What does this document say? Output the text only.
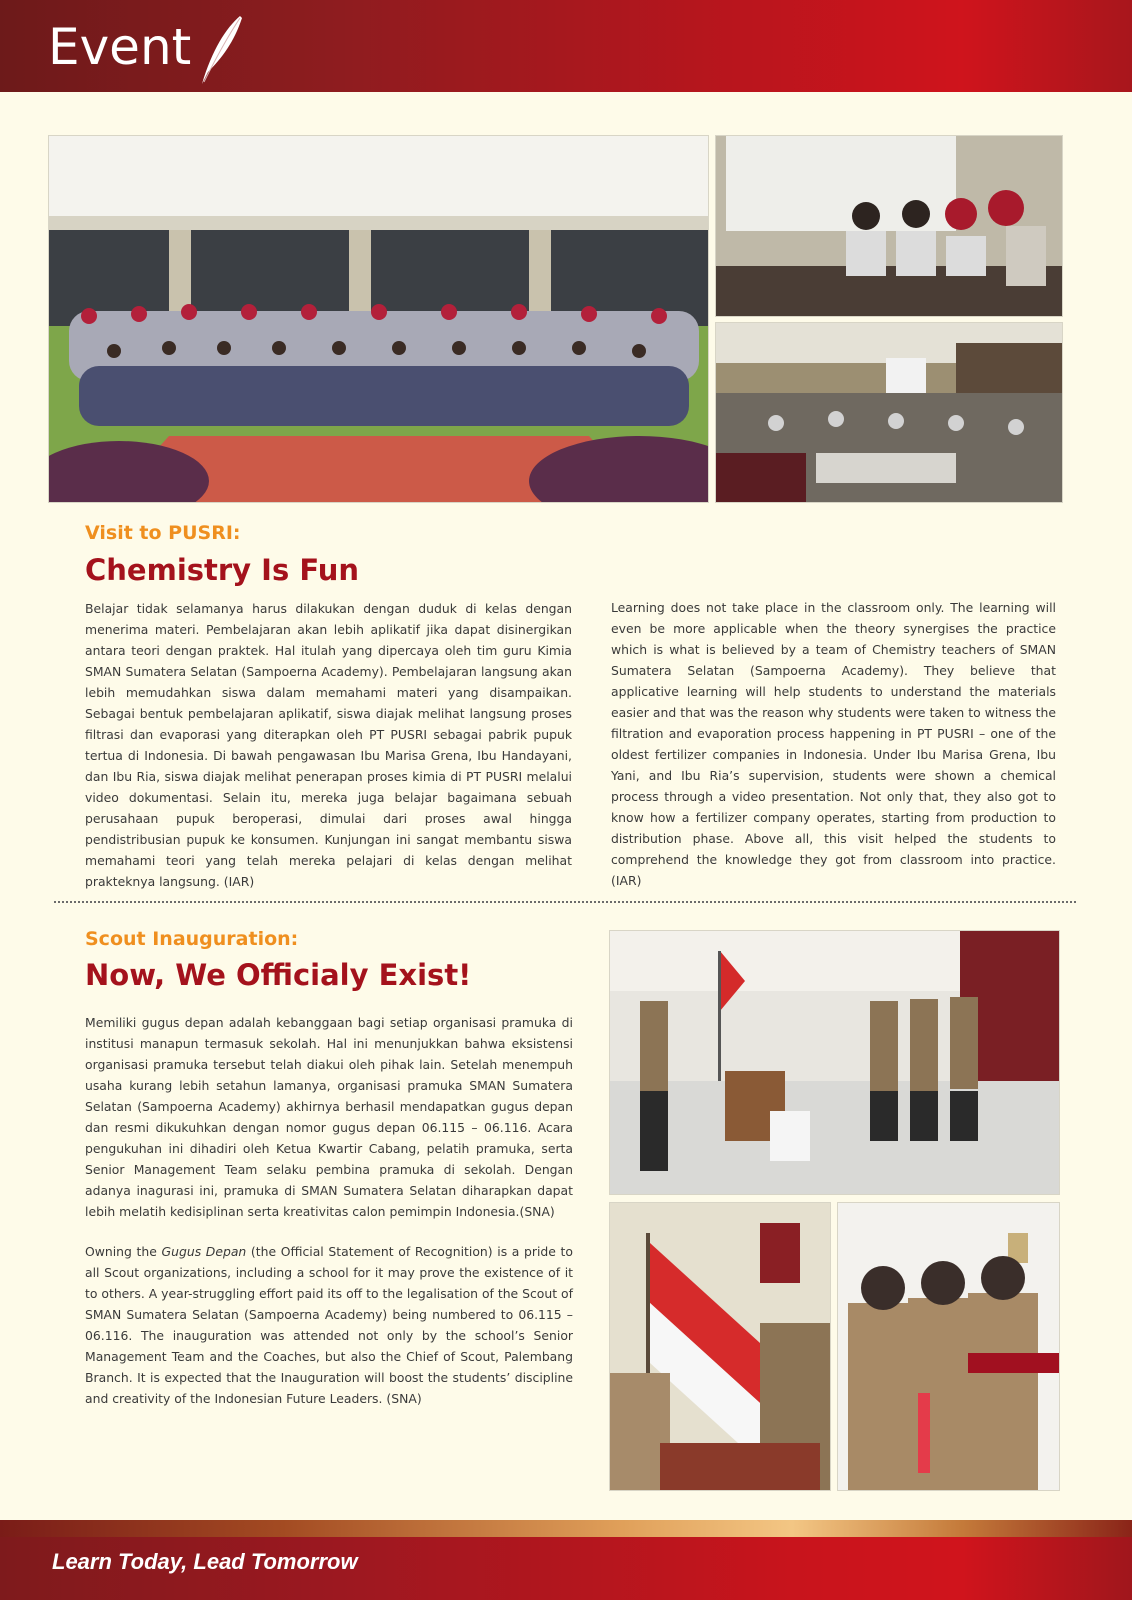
Event
Visit to PUSRI:
Chemistry Is Fun

Belajar tidak selamanya harus dilakukan dengan duduk di kelas dengan menerima materi. Pembelajaran akan lebih aplikatif jika dapat disinergikan antara teori dengan praktek. Hal itulah yang dipercaya oleh tim guru Kimia SMAN Sumatera Selatan (Sampoerna Academy). Pembelajaran langsung akan lebih memudahkan siswa dalam memahami materi yang disampaikan. Sebagai bentuk pembelajaran aplikatif, siswa diajak melihat langsung proses filtrasi dan evaporasi yang diterapkan oleh PT PUSRI sebagai pabrik pupuk tertua di Indonesia. Di bawah pengawasan Ibu Marisa Grena, Ibu Handayani, dan Ibu Ria, siswa diajak melihat penerapan proses kimia di PT PUSRI melalui video dokumentasi. Selain itu, mereka juga belajar bagaimana sebuah perusahaan pupuk beroperasi, dimulai dari proses awal hingga pendistribusian pupuk ke konsumen. Kunjungan ini sangat membantu siswa memahami teori yang telah mereka pelajari di kelas dengan melihat prakteknya langsung. (IAR)

Learning does not take place in the classroom only. The learning will even be more applicable when the theory synergises the practice which is what is believed by a team of Chemistry teachers of SMAN Sumatera Selatan (Sampoerna Academy). They believe that applicative learning will help students to understand the materials easier and that was the reason why students were taken to witness the filtration and evaporation process happening in PT PUSRI – one of the oldest fertilizer companies in Indonesia. Under Ibu Marisa Grena, Ibu Yani, and Ibu Ria’s supervision, students were shown a chemical process through a video presentation. Not only that, they also got to know how a fertilizer company operates, starting from production to distribution phase. Above all, this visit helped the students to comprehend the knowledge they got from classroom into practice. (IAR)

Scout Inauguration:
Now, We Officialy Exist!

Memiliki gugus depan adalah kebanggaan bagi setiap organisasi pramuka di institusi manapun termasuk sekolah. Hal ini menunjukkan bahwa eksistensi organisasi pramuka tersebut telah diakui oleh pihak lain. Setelah menempuh usaha kurang lebih setahun lamanya, organisasi pramuka SMAN Sumatera Selatan (Sampoerna Academy) akhirnya berhasil mendapatkan gugus depan dan resmi dikukuhkan dengan nomor gugus depan 06.115 – 06.116. Acara pengukuhan ini dihadiri oleh Ketua Kwartir Cabang, pelatih pramuka, serta Senior Management Team selaku pembina pramuka di sekolah. Dengan adanya inagurasi ini, pramuka di SMAN Sumatera Selatan diharapkan dapat lebih melatih kedisiplinan serta kreativitas calon pemimpin Indonesia.(SNA)

Owning the Gugus Depan (the Official Statement of Recognition) is a pride to all Scout organizations, including a school for it may prove the existence of it to others. A year-struggling effort paid its off to the legalisation of the Scout of SMAN Sumatera Selatan (Sampoerna Academy) being numbered to 06.115 – 06.116. The inauguration was attended not only by the school’s Senior Management Team and the Coaches, but also the Chief of Scout, Palembang Branch. It is expected that the Inauguration will boost the students’ discipline and creativity of the Indonesian Future Leaders. (SNA)

Learn Today, Lead Tomorrow
